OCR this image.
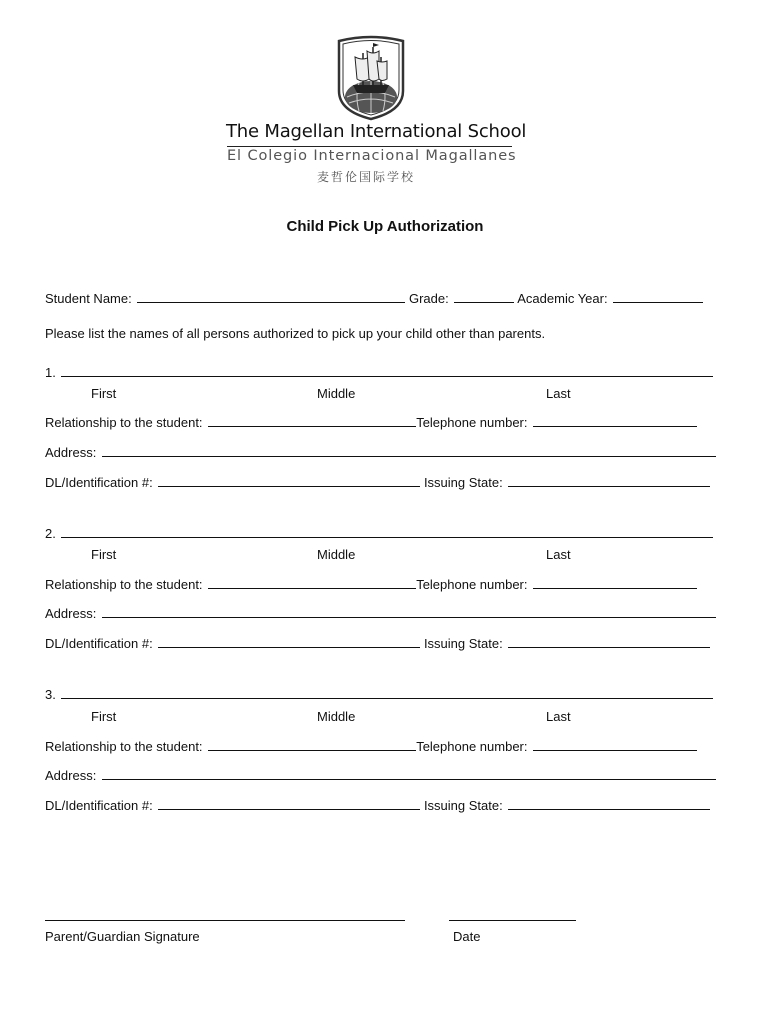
The Magellan International School
El Colegio Internacional Magallanes
麦哲伦国际学校
Child Pick Up Authorization
Student Name:	Grade:	Academic Year:
Please list the names of all persons authorized to pick up your child other than parents.
1.
First	Middle	Last
Relationship to the student:	Telephone number:
Address:
DL/Identification #:	Issuing State:
2.
First	Middle	Last
Relationship to the student:	Telephone number:
Address:
DL/Identification #:	Issuing State:
3.
First	Middle	Last
Relationship to the student:	Telephone number:
Address:
DL/Identification #:	Issuing State:
Parent/Guardian Signature	Date
